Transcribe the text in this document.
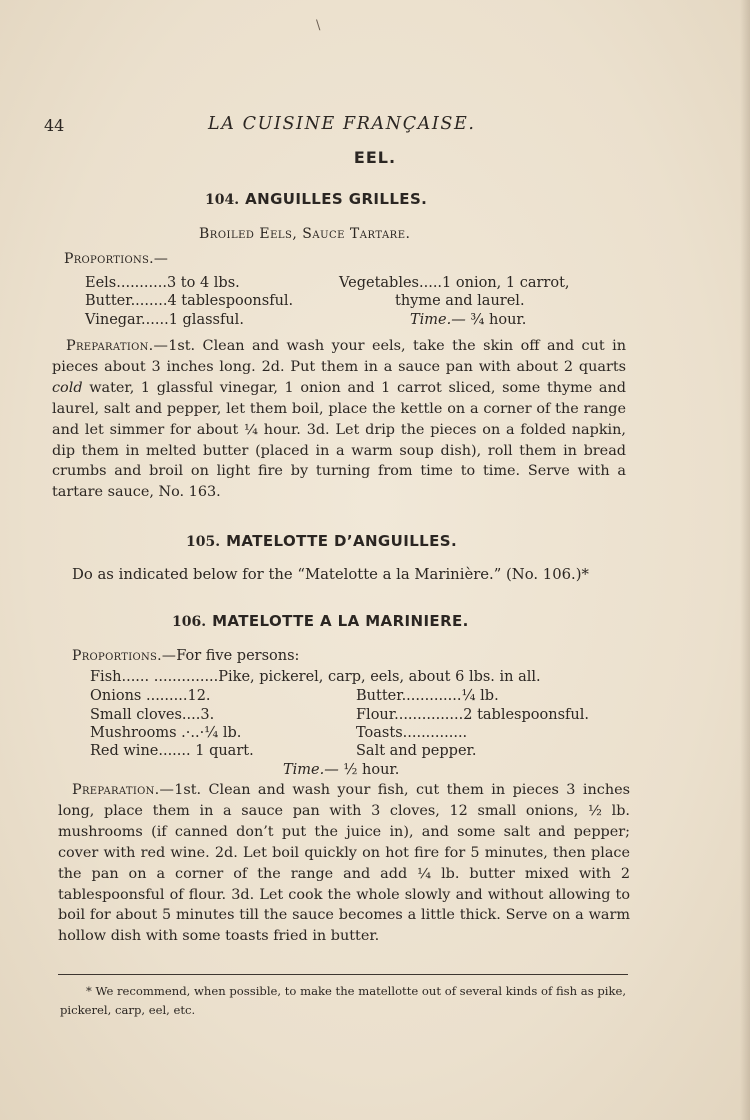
\
44	LA CUISINE FRANÇAISE.
EEL.
104. ANGUILLES GRILLES.
Broiled Eels, Sauce Tartare.
Proportions.—
Eels...........3 to 4 lbs.
Butter........4 tablespoonsful.
Vinegar......1 glassful.
Vegetables.....1 onion, 1 carrot,
thyme and laurel.
Time.— ¾ hour.
Preparation.—1st. Clean and wash your eels, take the skin off and cut in pieces about 3 inches long. 2d. Put them in a sauce pan with about 2 quarts cold water, 1 glassful vinegar, 1 onion and 1 carrot sliced, some thyme and laurel, salt and pepper, let them boil, place the kettle on a corner of the range and let simmer for about ¼ hour. 3d. Let drip the pieces on a folded napkin, dip them in melted butter (placed in a warm soup dish), roll them in bread crumbs and broil on light fire by turning from time to time. Serve with a tartare sauce, No. 163.
105. MATELOTTE D’ANGUILLES.
Do as indicated below for the “Matelotte a la Marinière.” (No. 106.)*
106. MATELOTTE A LA MARINIERE.
Proportions.—For five persons:
Fish...... ..............Pike, pickerel, carp, eels, about 6 lbs. in all.
Onions .........12.
Small cloves....3.
Mushrooms .·..·¼ lb.
Red wine....... 1 quart.
Butter.............¼ lb.
Flour...............2 tablespoonsful.
Toasts..............
Salt and pepper.
Time.— ½ hour.
Preparation.—1st. Clean and wash your fish, cut them in pieces 3 inches long, place them in a sauce pan with 3 cloves, 12 small onions, ½ lb. mushrooms (if canned don’t put the juice in), and some salt and pepper; cover with red wine. 2d. Let boil quickly on hot fire for 5 minutes, then place the pan on a corner of the range and add ¼ lb. butter mixed with 2 tablespoonsful of flour. 3d. Let cook the whole slowly and without allowing to boil for about 5 minutes till the sauce becomes a little thick. Serve on a warm hollow dish with some toasts fried in butter.
* We recommend, when possible, to make the matellotte out of several kinds of fish as pike, pickerel, carp, eel, etc.
